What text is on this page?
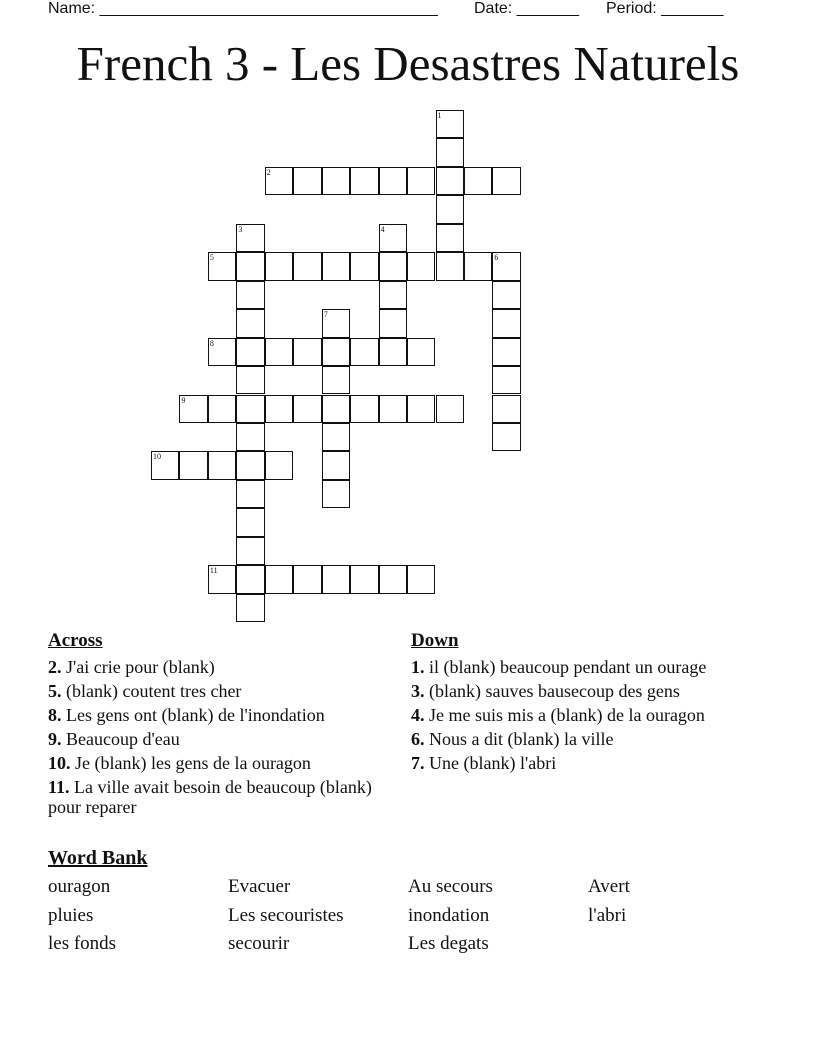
Name: ______________________________________ Date: _______ Period: _______
French 3 - Les Desastres Naturels
1
2
3	4
5	6
7
8
9
10
11
Across
2. J'ai crie pour (blank)
5. (blank) coutent tres cher
8. Les gens ont (blank) de l'inondation
9. Beaucoup d'eau
10. Je (blank) les gens de la ouragon
11. La ville avait besoin de beaucoup (blank) pour reparer
Down
1. il (blank) beaucoup pendant un ourage
3. (blank) sauves bausecoup des gens
4. Je me suis mis a (blank) de la ouragon
6. Nous a dit (blank) la ville
7. Une (blank) l'abri
Word Bank
ouragon	Evacuer	Au secours	Avert
pluies	Les secouristes	inondation	l'abri
les fonds	secourir	Les degats
